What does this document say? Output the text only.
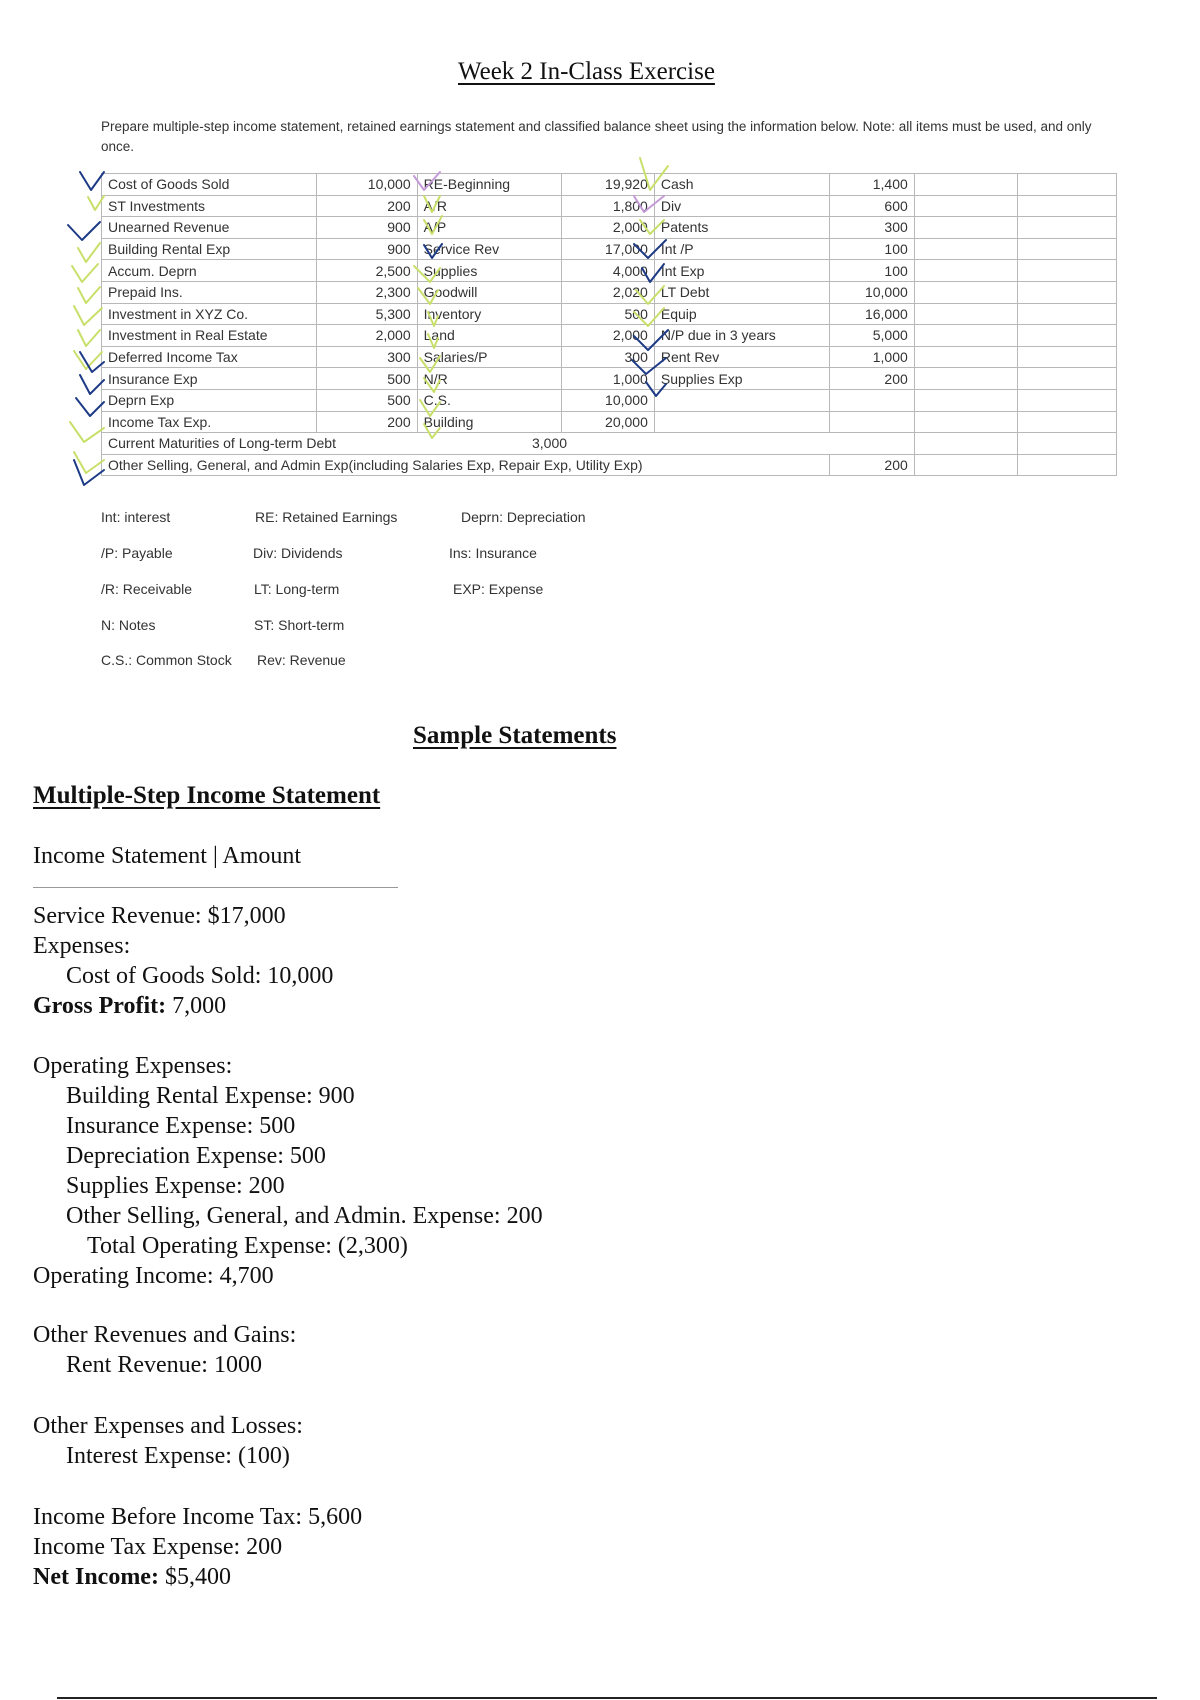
Week 2 In-Class Exercise
Prepare multiple-step income statement, retained earnings statement and classified balance sheet using the information below. Note: all items must be used, and only once.
Cost of Goods Sold	10,000	RE-Beginning	19,920	Cash	1,400		
ST Investments	200	A/R	1,800	Div	600		
Unearned Revenue	900	A/P	2,000	Patents	300		
Building Rental Exp	900	Service Rev	17,000	Int /P	100		
Accum. Deprn	2,500	Supplies	4,000	Int Exp	100		
Prepaid Ins.	2,300	Goodwill	2,020	LT Debt	10,000		
Investment in XYZ Co.	5,300	Inventory	500	Equip	16,000		
Investment in Real Estate	2,000	Land	2,000	N/P due in 3 years	5,000		
Deferred Income Tax	300	Salaries/P	300	Rent Rev	1,000		
Insurance Exp	500	N/R	1,000	Supplies Exp	200		
Deprn Exp	500	C.S.	10,000				
Income Tax Exp.	200	Building	20,000				
Current Maturities of Long-term Debt 3,000							

Other Selling, General, and Admin Exp(including Salaries Exp, Repair Exp, Utility Exp)					200		
Int: interest	RE: Retained Earnings	Deprn: Depreciation
/P: Payable	Div: Dividends	Ins: Insurance
/R: Receivable	LT: Long-term	EXP: Expense
N: Notes	ST: Short-term
C.S.: Common Stock Rev: Revenue
Sample Statements
Multiple-Step Income Statement
Income Statement | Amount
Service Revenue: $17,000
Expenses:
Cost of Goods Sold: 10,000
Gross Profit: 7,000
Operating Expenses:
Building Rental Expense: 900
Insurance Expense: 500
Depreciation Expense: 500
Supplies Expense: 200
Other Selling, General, and Admin. Expense: 200
Total Operating Expense: (2,300)
Operating Income: 4,700
Other Revenues and Gains:
Rent Revenue: 1000
Other Expenses and Losses:
Interest Expense: (100)
Income Before Income Tax: 5,600
Income Tax Expense: 200
Net Income: $5,400
